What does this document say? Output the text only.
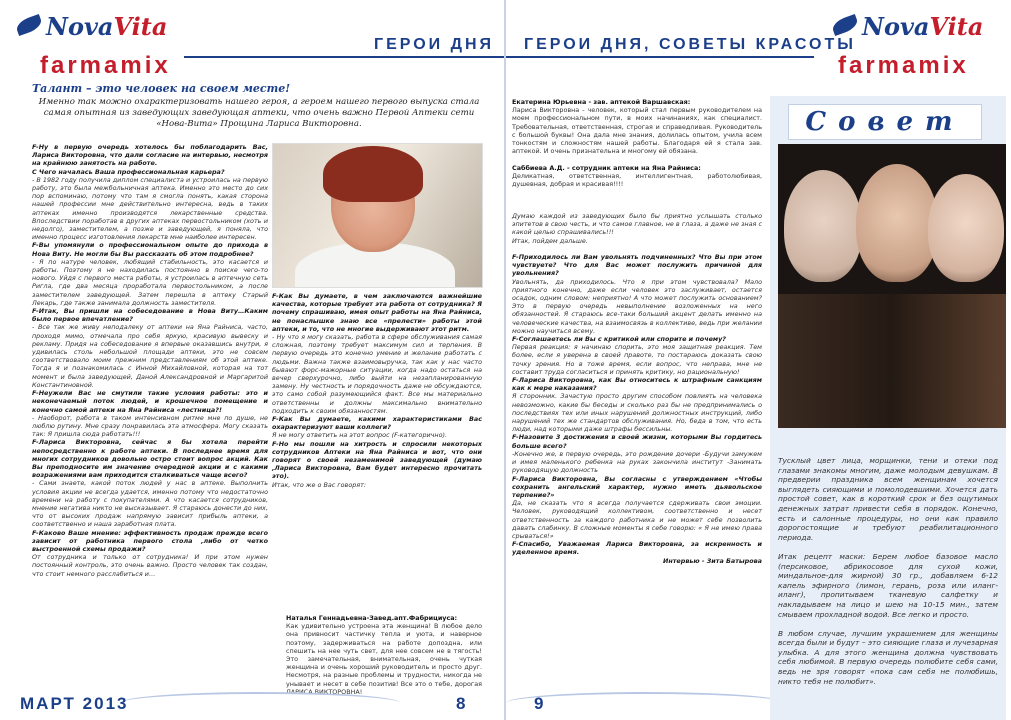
NovaVita
farmamix
ГЕРОИ ДНЯ

Талант – это человек на своем месте!

Именно так можно охарактеризовать нашего героя, а героем нашего первого выпуска стала самая опытная из заведующих заведующая аптеки, что очень важно Первой Аптеки сети «Нова-Вита» Прощина Лариса Викторовна.

F-Ну в первую очередь хотелось бы поблагодарить Вас, Лариса Викторовна, что дали согласие на интервью, несмотря на крайнюю занятость на работе.
С Чего началась Ваша профессиональная карьера?
- В 1982 году получила диплом специалиста и устроилась на первую работу, это была межбольничная аптека. Именно это место до сих пор вспоминаю, потому что там я смогла понять, какая сторона нашей профессии мне действительно интересна, ведь в таких аптеках именно производятся лекарственные средства. Впоследствии поработав в других аптеках первостольником (хоть и недолго), заместителем, а позже и заведующей, я поняла, что именно процесс изготовления лекарств мне наиболее интересен.
F-Вы упомянули о профессиональном опыте до прихода в Нова Виту. Не могли бы Вы рассказать об этом подробнее?
- Я по натуре человек, любящий стабильность, это касается и работы. Поэтому я не находилась постоянно в поиске чего-то нового. Уйдя с первого места работы, я устроилась в аптечную сеть Ригла, где два месяца проработала первостольником, а после заместителем заведующей. Затем перешла в аптеку Старый Лекарь, где также занимала должность заместителя.
F-Итак, Вы пришли на собеседование в Нова Виту…Каким было первое впечатление?
- Все так же живу неподалеку от аптеки на Яна Райниса, часто, проходя мимо, отмечала про себя яркую, красивую вывеску и рекламу. Придя на собеседование я впервые оказавшись внутри, я удивилась столь небольшой площади аптеки, это не совсем соответствовало моим прежним представлениям об этой аптеке. Тогда я и познакомилась с Инной Михайловной, которая на тот момент и была заведующей, Даной Александровной и Маргаритой Константиновной.
F-Неужели Вас не смутили такие условия работы: это и неконечаемый поток людей, и крошечное помещение и конечно самой аптеки на Яна Райниса «лестница?!
- Наоборот, работа в таком интенсивном ритме мне по душе, не люблю рутину. Мне сразу понравилась эта атмосфера. Могу сказать так: Я пришла сюда работать!!!
F-Лариса Викторовна, сейчас я бы хотела перейти непосредственно к работе аптеки. В последнее время для многих сотрудников довольно остро стоит вопрос акций. Как Вы преподносите им значение очередной акции и с какими возражениями вам приходится сталкиваться чаще всего?
- Сами знаете, какой поток людей у нас в аптеке. Выполнить условия акции не всегда удается, именно потому что недостаточно времени на работу с покупателями. А что касается сотрудников, мнение негатива никто не высказывает. Я стараюсь донести до них, что от высоких продаж напрямую зависит прибыль аптеки, а соответственно и наша заработная плата.
F-Каково Ваше мнение: эффективность продаж прежде всего зависит от работника первого стола ,либо от четко выстроенной схемы продажи?
От сотрудника и только от сотрудника! И при этом нужен постоянный контроль, это очень важно. Просто человек так создан, что стоит немного расслабиться и…
F-Как Вы думаете, в чем заключаются важнейшие качества, которые требует эта работа от сотрудника? Я почему спрашиваю, имея опыт работы на Яна Райниса, не понаслышке знаю все «прелести» работы этой аптеки, и то, что не многие выдерживают этот ритм.
- Ну что я могу сказать, работа в сфере обслуживания самая сложная, поэтому требует максимум сил и терпения. В первую очередь это конечно умение и желание работать с людьми. Важна также взаимовыручка, так как у нас часто бывают форс-мажорные ситуации, когда надо остаться на вечер сверхурочно, либо выйти на незапланированную замену. Ну честность и порядочность даже не обсуждаются, это само собой разумеющийся факт. Все мы материально ответственны и должны максимально внимательно подходить к своим обязанностям.
F-Как Вы думаете, какими характеристиками Вас охарактеризуют ваши коллеги?
Я не могу ответить на этот вопрос (F-категорично).
F-Но мы пошли на хитрость и спросили некоторых сотрудников Аптеки на Яна Райниса и вот, что они говорят о своей незаменимой заведующей (думаю ,Лариса Викторовна, Вам будет интересно прочитать это).
Итак, что же о Вас говорят:
Наталья Геннадьевна-Завед.апт.Фабрициуса:
Как удивительно устроена эта женщина! В любое дело она привносит частичку тепла и уюта, и наверное поэтому, задерживаться на работе допоздна, или спешить на нее чуть свет, для нее совсем не в тягость! Это замечательная, внимательная, очень чуткая женщина и очень хороший руководитель и просто друг. Несмотря, на разные проблемы и трудности, никогда не унывает и несет в себе позитив! Все это о тебе, дорогая ЛАРИСА ВИКТОРОВНА!
МАРТ 2013	8
ГЕРОИ ДНЯ, СОВЕТЫ КРАСОТЫ
NovaVita
farmamix
Екатерина Юрьевна - зав. аптекой Варшавская:
Лариса Викторовна - человек, который стал первым руководителем на моем профессиональном пути, в моих начинаниях, как специалист. Требовательная, ответственная, строгая и справедливая. Руководитель с большой буквы! Она дала мне знания, долилась опытом, учила всем тонкостям и сложностям нашей работы. Благодаря ей я стала зав. аптекой. И очень признательна и многому ей обязана.

Саббиева А.Д. - сотрудник аптеки на Яна Райниса:
Деликатная, ответственная, интеллигентная, работолюбивая, душевная, добрая и красивая!!!!
Думаю каждой из заведующих было бы приятно услышать столько эпитетов в свою честь, и что самое главное, не в глаза, а даже не зная с какой целью спрашивались!!!
Итак, пойдем дальше.

F-Приходилось ли Вам увольнять подчиненных? Что Вы при этом чувствуете? Что для Вас может послужить причиной для увольнения?
Увольнять, да приходилось. Что я при этом чувствовала? Мало приятного конечно, даже если человек это заслуживает, остается осадок, одним словом: неприятно! А что может послужить основанием? Это в первую очередь невыполнение возложенных на него обязанностей. Я стараюсь все-таки больший акцент делать именно на человеческие качества, на взаимосвязь в коллективе, ведь при желании можно научиться всему.
F-Соглашаетесь ли Вы с критикой или спорите и почему?
Первая реакция: я начинаю спорить, это моя защитная реакция. Тем более, если я уверена в своей правоте, то постараюсь доказать свою точку зрения. Но в тоже время, если вопрос, что неправа, мне не составит труда согласиться и принять критику, но рациональную!
F-Лариса Викторовна, как Вы относитесь к штрафным санкциям как к мере наказания?
Я сторонник. Зачастую просто другим способом повлиять на человека невозможно, какие бы беседы и сколько раз бы не предпринимались о последствиях тех или иных нарушений должностных инструкций, либо нарушений тех же стандартов обслуживания. Но, беда в том, что есть люди, над которыми даже штрафы бессильны.
F-Назовите 3 достижения в своей жизни, которыми Вы гордитесь больше всего?
-Конечно же, в первую очередь, это рождение дочери -Будучи замужем и имея маленького ребенка на руках закончила институт -Занимать руководящую должность
F-Лариса Викторовна, Вы согласны с утверждением «Чтобы сохранить ангельский характер, нужно иметь дьявольское терпение?»
Да, не сказать что я всегда получается сдерживать свои эмоции. Человек, руководящий коллективом, соответственно и несет ответственность за каждого работника и не может себе позволить давать слабинку. В сложные моменты я себе говорю: « Я не имею права срываться!»
F-Спасибо, Уважаемая Лариса Викторовна, за искренность и уделенное время.

Интервью - Зита Батырова
9
Совет
Тусклый цвет лица, морщинки, тени и отеки под глазами знакомы многим, даже молодым девушкам. В предверии праздника всем женщинам хочется выглядеть сияющими и помолодевшими. Хочется дать простой совет, как в короткий срок и без ощутимых денежных затрат привести себя в порядок. Конечно, есть и салонные процедуры, но они как правило дорогостоящие и требуют реабилитационного периода.

Итак рецепт маски: Берем любое базовое масло (персиковое, абрикосовое для сухой кожи, миндальное-для жирной) 30 гр., добавляем 6-12 капель эфирного (лимон, герань, роза или иланг-иланг), пропитываем тканевую салфетку и накладываем на лицо и шею на 10-15 мин., затем смываем прохладной водой. Все легко и просто.

В любом случае, лучшим украшением для женщины всегда были и будут – это сияющие глаза и лучезарная улыбка. А для этого женщина должна чувствовать себя любимой. В первую очередь полюбите себя сами, ведь не зря говорят «пока сам себя не полюбишь, никто тебя не полюбит».
